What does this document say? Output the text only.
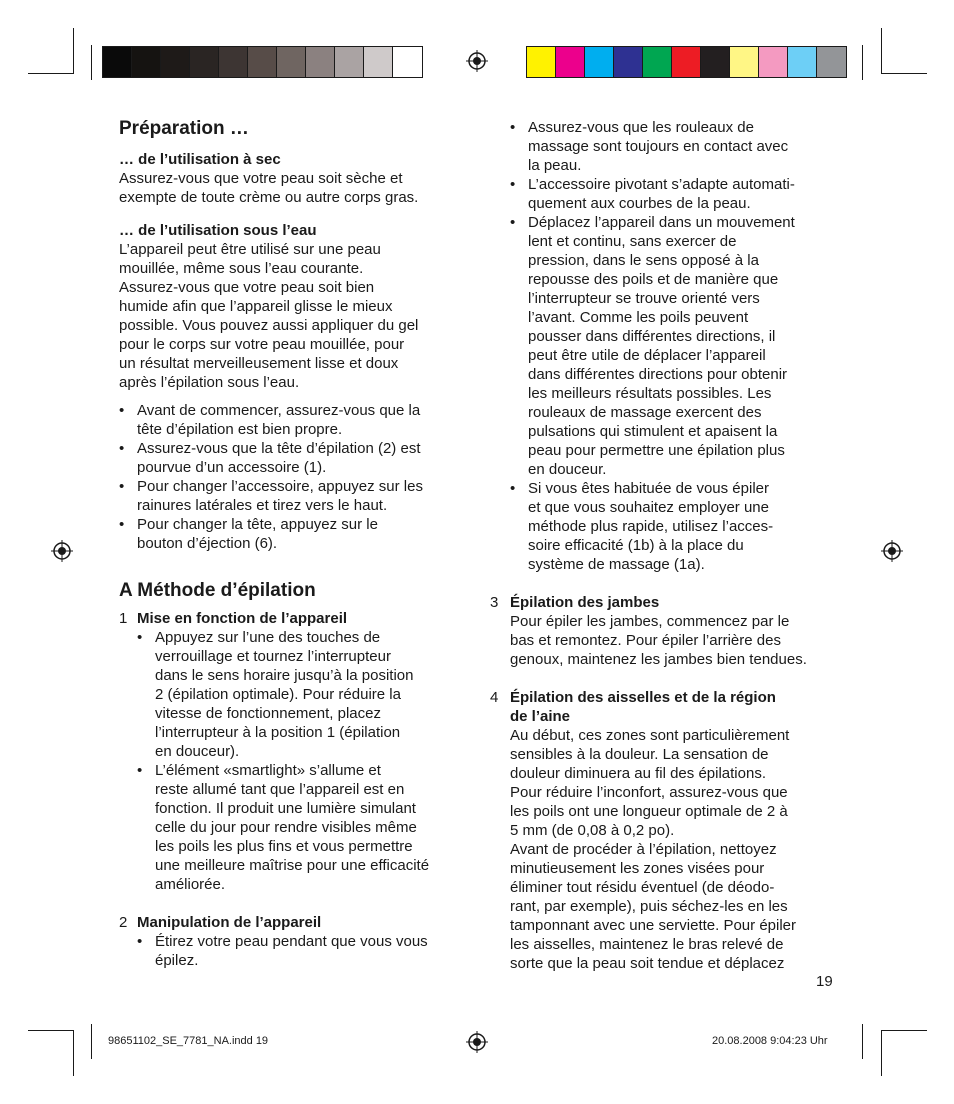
Préparation …
… de l’utilisation à sec

Assurez-vous que votre peau soit sèche et

exempte de toute crème ou autre corps gras.

… de l’utilisation sous l’eau

L’appareil peut être utilisé sur une peau

mouillée, même sous l’eau courante.

Assurez-vous que votre peau soit bien

humide afin que l’appareil glisse le mieux

possible. Vous pouvez aussi appliquer du gel

pour le corps sur votre peau mouillée, pour

un résultat merveilleusement lisse et doux

après l’épilation sous l’eau.

• Avant de commencer, assurez-vous que la

tête d’épilation est bien propre.

• Assurez-vous que la tête d’épilation (2) est

pourvue d’un accessoire (1).

• Pour changer l’accessoire, appuyez sur les

rainures latérales et tirez vers le haut.

• Pour changer la tête, appuyez sur le

bouton d’éjection (6).

A Méthode d’épilation
1 Mise en fonction de l’appareil
• Appuyez sur l’une des touches de

verrouillage et tournez l’interrupteur

dans le sens horaire jusqu’à la position

2 (épilation optimale). Pour réduire la

vitesse de fonctionnement, placez

l’interrupteur à la position 1 (épilation

en douceur).

• L’élément «smartlight» s’allume et

reste allumé tant que l’appareil est en

fonction. Il produit une lumière simulant

celle du jour pour rendre visibles même

les poils les plus fins et vous permettre

une meilleure maîtrise pour une efficacité

améliorée.

2 Manipulation de l’appareil
• Étirez votre peau pendant que vous vous

épilez.

• Assurez-vous que les rouleaux de

massage sont toujours en contact avec

la peau.

• L’accessoire pivotant s’adapte automati-

quement aux courbes de la peau.

• Déplacez l’appareil dans un mouvement

lent et continu, sans exercer de

pression, dans le sens opposé à la

repousse des poils et de manière que

l’interrupteur se trouve orienté vers

l’avant. Comme les poils peuvent

pousser dans différentes directions, il

peut être utile de déplacer l’appareil

dans différentes directions pour obtenir

les meilleurs résultats possibles. Les

rouleaux de massage exercent des

pulsations qui stimulent et apaisent la

peau pour permettre une épilation plus

en douceur.

• Si vous êtes habituée de vous épiler

et que vous souhaitez employer une

méthode plus rapide, utilisez l’acces-

soire efficacité (1b) à la place du

système de massage (1a).

3 Épilation des jambes

Pour épiler les jambes, commencez par le

bas et remontez. Pour épiler l’arrière des

genoux, maintenez les jambes bien tendues.

4 Épilation des aisselles et de la région
de l’aine

Au début, ces zones sont particulièrement

sensibles à la douleur. La sensation de

douleur diminuera au fil des épilations.

Pour réduire l’inconfort, assurez-vous que

les poils ont une longueur optimale de 2 à

5 mm (de 0,08 à 0,2 po).

Avant de procéder à l’épilation, nettoyez

minutieusement les zones visées pour

éliminer tout résidu éventuel (de déodo-

rant, par exemple), puis séchez-les en les

tamponnant avec une serviette. Pour épiler

les aisselles, maintenez le bras relevé de

sorte que la peau soit tendue et déplacez

19
98651102_SE_7781_NA.indd 19	20.08.2008 9:04:23 Uhr
